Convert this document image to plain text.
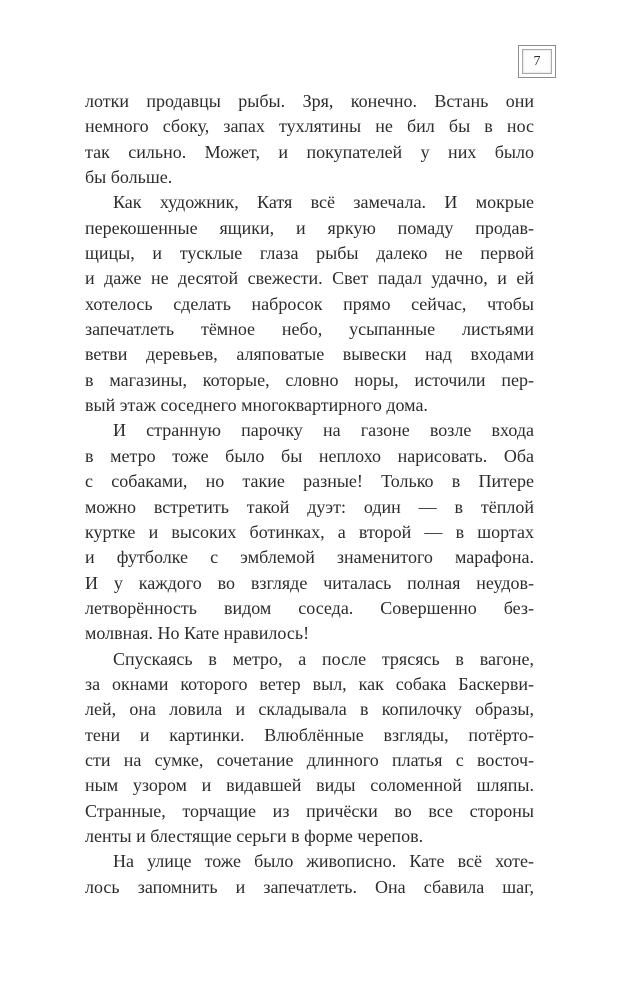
7
лотки продавцы рыбы. Зря, конечно. Встань они
немного сбоку, запах тухлятины не бил бы в нос
так сильно. Может, и покупателей у них было
бы больше.
Как художник, Катя всё замечала. И мокрые
перекошенные ящики, и яркую помаду продав-
щицы, и тусклые глаза рыбы далеко не первой
и даже не десятой свежести. Свет падал удачно, и ей
хотелось сделать набросок прямо сейчас, чтобы
запечатлеть тёмное небо, усыпанные листьями
ветви деревьев, аляповатые вывески над входами
в магазины, которые, словно норы, источили пер-
вый этаж соседнего многоквартирного дома.
И странную парочку на газоне возле входа
в метро тоже было бы неплохо нарисовать. Оба
с собаками, но такие разные! Только в Питере
можно встретить такой дуэт: один — в тёплой
куртке и высоких ботинках, а второй — в шортах
и футболке с эмблемой знаменитого марафона.
И у каждого во взгляде читалась полная неудов-
летворённость видом соседа. Совершенно без-
молвная. Но Кате нравилось!
Спускаясь в метро, а после трясясь в вагоне,
за окнами которого ветер выл, как собака Баскерви-
лей, она ловила и складывала в копилочку образы,
тени и картинки. Влюблённые взгляды, потёрто-
сти на сумке, сочетание длинного платья с восточ-
ным узором и видавшей виды соломенной шляпы.
Странные, торчащие из причёски во все стороны
ленты и блестящие серьги в форме черепов.
На улице тоже было живописно. Кате всё хоте-
лось запомнить и запечатлеть. Она сбавила шаг,
